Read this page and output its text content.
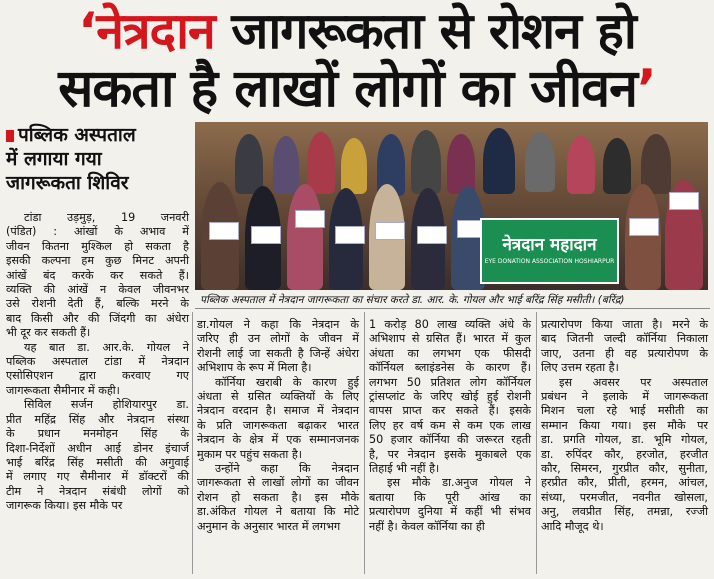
‘नेत्रदान जागरूकता से रोशन हो
सकता है लाखों लोगों का जीवन’
पब्लिक अस्पताल
में लगाया गया
जागरूकता शिविर
नेत्रदान महादान
EYE DONATION ASSOCIATION HOSHIARPUR
पब्लिक अस्पताल में नेत्रदान जागरूकता का संचार करते डा. आर. के. गोयल और भाई बरिंद्र सिंह मसीती। (बरिंद्र)
टांडा उड़मुड़, 19 जनवरी
(पंडित) : आंखों के अभाव में
जीवन कितना मुश्किल हो सकता है
इसकी कल्पना हम कुछ मिनट अपनी
आंखें बंद करके कर सकते हैं।
व्यक्ति की आंखें न केवल जीवनभर
उसे रोशनी देती हैं, बल्कि मरने के
बाद किसी और की जिंदगी का अंधेरा
भी दूर कर सकती हैं।
यह बात डा. आर.के. गोयल ने
पब्लिक अस्पताल टांडा में नेत्रदान
एसोसिएशन द्वारा करवाए गए
जागरूकता सैमीनार में कही।
सिविल सर्जन होशियारपुर डा.
प्रीत महिंद्र सिंह और नेत्रदान संस्था
के प्रधान मनमोहन सिंह के
दिशा-निर्देशों अधीन आई डोनर इंचार्ज
भाई बरिंद्र सिंह मसीती की अगुवाई
में लगाए गए सैमीनार में डॉक्टरों की
टीम ने नेत्रदान संबंधी लोगों को
जागरूक किया। इस मौके पर
डा.गोयल ने कहा कि नेत्रदान के
जरिए ही उन लोगों के जीवन में
रोशनी लाई जा सकती है जिन्हें अंधेरा
अभिशाप के रूप में मिला है।
कॉर्निया खराबी के कारण हुई
अंधता से ग्रसित व्यक्तियों के लिए
नेत्रदान वरदान है। समाज में नेत्रदान
के प्रति जागरूकता बढ़ाकर भारत
नेत्रदान के क्षेत्र में एक सम्मानजनक
मुकाम पर पहुंच सकता है।
उन्होंने कहा कि नेत्रदान
जागरूकता से लाखों लोगों का जीवन
रोशन हो सकता है। इस मौके
डा.अंकित गोयल ने बताया कि मोटे
अनुमान के अनुसार भारत में लगभग
1 करोड़ 80 लाख व्यक्ति अंधे के
अभिशाप से ग्रसित हैं। भारत में कुल
अंधता का लगभग एक फीसदी
कॉर्नियल ब्लाइंडनेस के कारण हैं।
लगभग 50 प्रतिशत लोग कॉर्नियल
ट्रांसप्लांट के जरिए खोई हुई रोशनी
वापस प्राप्त कर सकते हैं। इसके
लिए हर वर्ष कम से कम एक लाख
50 हजार कॉर्निया की जरूरत रहती
है, पर नेत्रदान इसके मुकाबले एक
तिहाई भी नहीं है।
इस मौके डा.अनुज गोयल ने
बताया कि पूरी आंख का
प्रत्यारोपण दुनिया में कहीं भी संभव
नहीं है। केवल कॉर्निया का ही
प्रत्यारोपण किया जाता है। मरने के
बाद जितनी जल्दी कॉर्निया निकाला
जाए, उतना ही वह प्रत्यारोपण के
लिए उत्तम रहता है।
इस अवसर पर अस्पताल
प्रबंधन ने इलाके में जागरूकता
मिशन चला रहे भाई मसीती का
सम्मान किया गया। इस मौके पर
डा. प्रगति गोयल, डा. भूमि गोयल,
डा. रुपिंदर कौर, हरजोत, हरजीत
कौर, सिमरन, गुरप्रीत कौर, सुनीता,
हरप्रीत कौर, प्रीती, हरमन, आंचल,
संध्या, परमजीत, नवनीत खोसला,
अनु, लवप्रीत सिंह, तमन्ना, रज्जी
आदि मौजूद थे।
